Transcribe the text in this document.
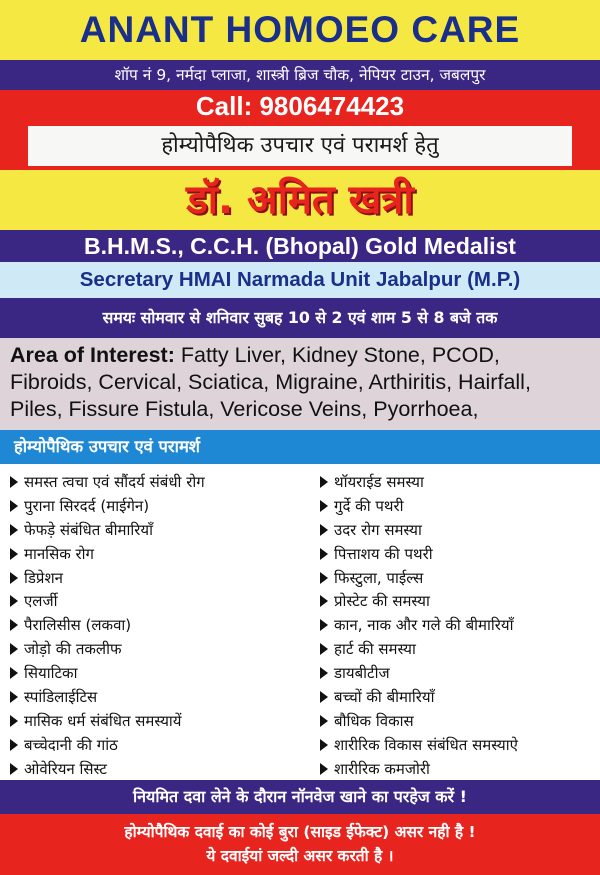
ANANT HOMOEO CARE
शॉप नं 9, नर्मदा प्लाजा, शास्त्री ब्रिज चौक, नेपियर टाउन, जबलपुर
Call: 9806474423
होम्योपैथिक उपचार एवं परामर्श हेतु
डॉ. अमित खत्री
B.H.M.S., C.C.H. (Bhopal) Gold Medalist
Secretary HMAI Narmada Unit Jabalpur (M.P.)
समयः सोमवार से शनिवार सुबह 10 से 2 एवं शाम 5 से 8 बजे तक

Area of Interest: Fatty Liver, Kidney Stone, PCOD,

Fibroids, Cervical, Sciatica, Migraine, Arthiritis, Hairfall,

Piles, Fissure Fistula, Vericose Veins, Pyorrhoea,

होम्योपैथिक उपचार एवं परामर्श
समस्त त्वचा एवं सौंदर्य संबंधी रोग
पुराना सिरदर्द (माईगेन)
फेफड़े संबंधित बीमारियाँ
मानसिक रोग
डिप्रेशन
एलर्जी
पैरालिसीस (लकवा)
जोड़ो की तकलीफ
सियाटिका
स्पांडिलाईटिस
मासिक धर्म संबंधित समस्यायें
बच्चेदानी की गांठ
ओवेरियन सिस्ट
थॉयराईड समस्या
गुर्दे की पथरी
उदर रोग समस्या
पित्ताशय की पथरी
फिस्टुला, पाईल्स
प्रोस्टेट की समस्या
कान, नाक और गले की बीमारियाँ
हार्ट की समस्या
डायबीटीज
बच्चों की बीमारियाँ
बौधिक विकास
शारीरिक विकास संबंधित समस्याऐ
शारीरिक कमजोरी
नियमित दवा लेने के दौरान नॉनवेज खाने का परहेज करें !
होम्योपैथिक दवाई का कोई बुरा (साइड ईफेक्ट) असर नही है !
ये दवाईयां जल्दी असर करती है ।
